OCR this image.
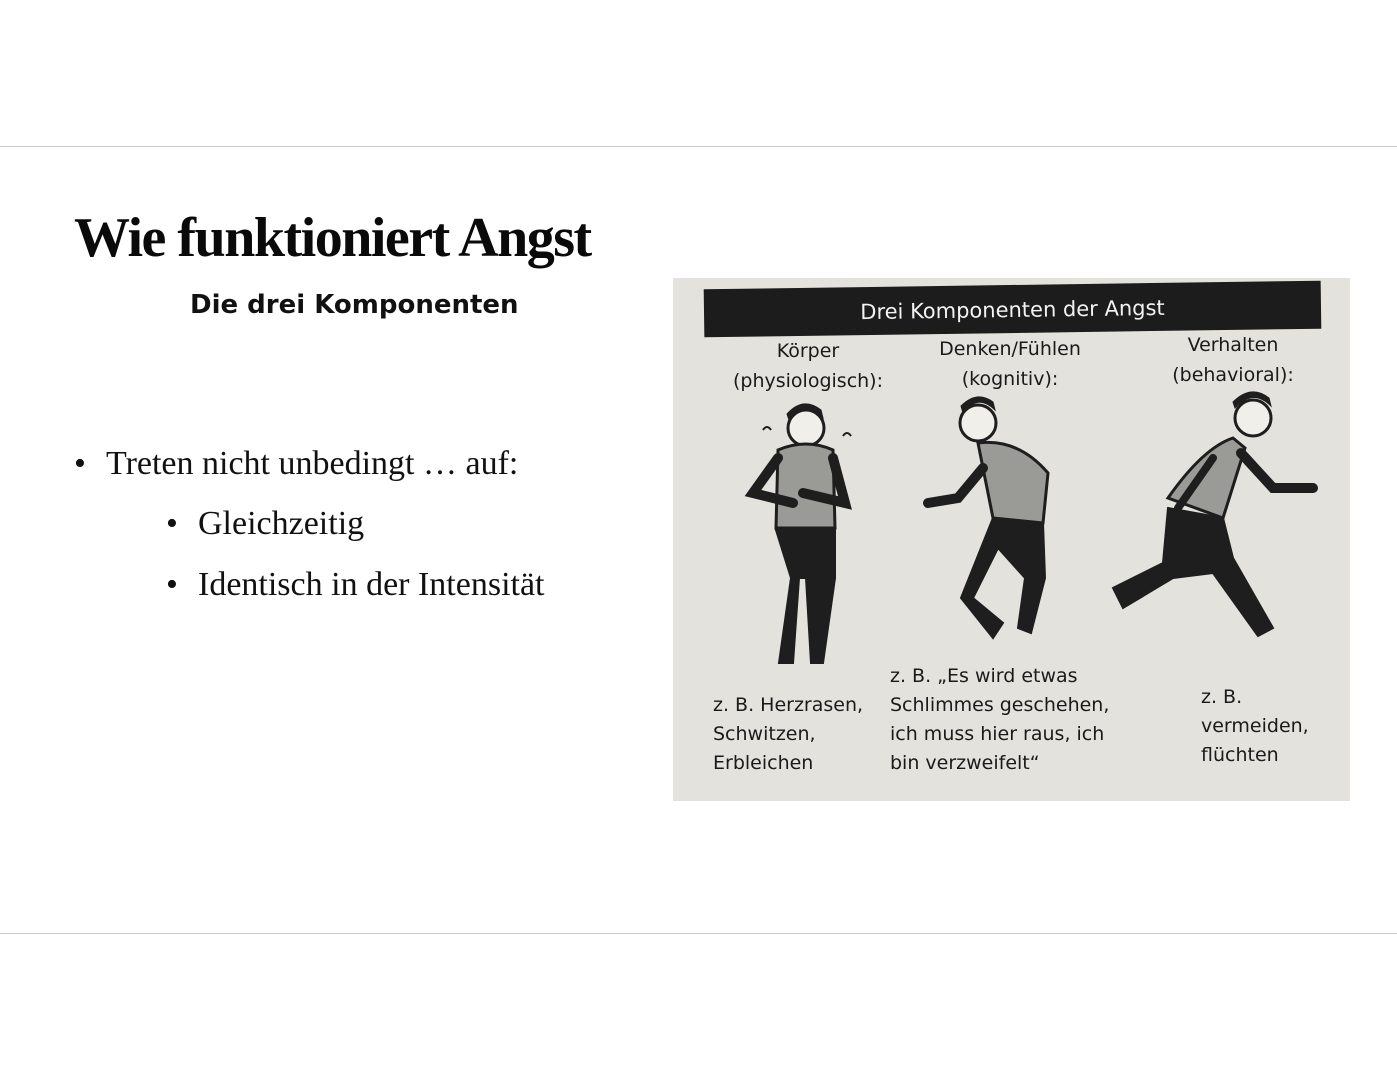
Wie funktioniert Angst
Die drei Komponenten
• Treten nicht unbedingt … auf:
• Gleichzeitig
• Identisch in der Intensität
Drei Komponenten der Angst
Körper
(physiologisch):
Denken/Fühlen
(kognitiv):
Verhalten
(behavioral):
z. B. Herzrasen,
Schwitzen,
Erbleichen
z. B. „Es wird etwas
Schlimmes geschehen,
ich muss hier raus, ich
bin verzweifelt“
z. B.
vermeiden,
flüchten
